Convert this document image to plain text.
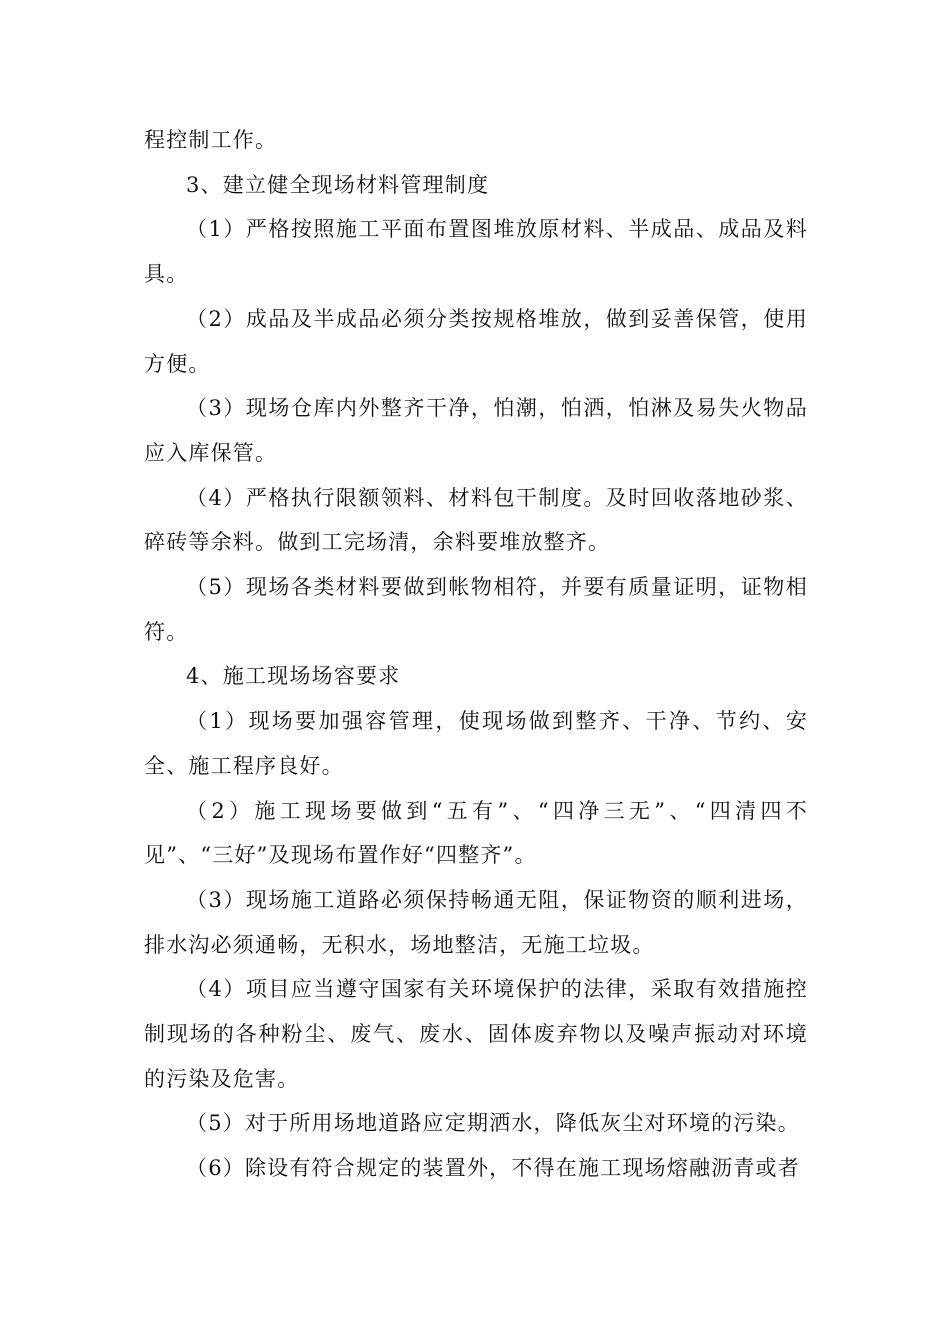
程控制工作。

3、建立健全现场材料管理制度

（1）严格按照施工平面布置图堆放原材料、半成品、成品及料具。

（2）成品及半成品必须分类按规格堆放，做到妥善保管，使用方便。

（3）现场仓库内外整齐干净，怕潮，怕洒，怕淋及易失火物品应入库保管。

（4）严格执行限额领料、材料包干制度。及时回收落地砂浆、碎砖等余料。做到工完场清，余料要堆放整齐。

（5）现场各类材料要做到帐物相符，并要有质量证明，证物相符。

4、施工现场场容要求

（1）现场要加强容管理，使现场做到整齐、干净、节约、安全、施工程序良好。

（2）施工现场要做到“五有”、“四净三无”、“四清四不见”、“三好”及现场布置作好“四整齐”。

（3）现场施工道路必须保持畅通无阻，保证物资的顺利进场，排水沟必须通畅，无积水，场地整洁，无施工垃圾。

（4）项目应当遵守国家有关环境保护的法律，采取有效措施控制现场的各种粉尘、废气、废水、固体废弃物以及噪声振动对环境的污染及危害。

（5）对于所用场地道路应定期洒水，降低灰尘对环境的污染。

（6）除设有符合规定的装置外，不得在施工现场熔融沥青或者
